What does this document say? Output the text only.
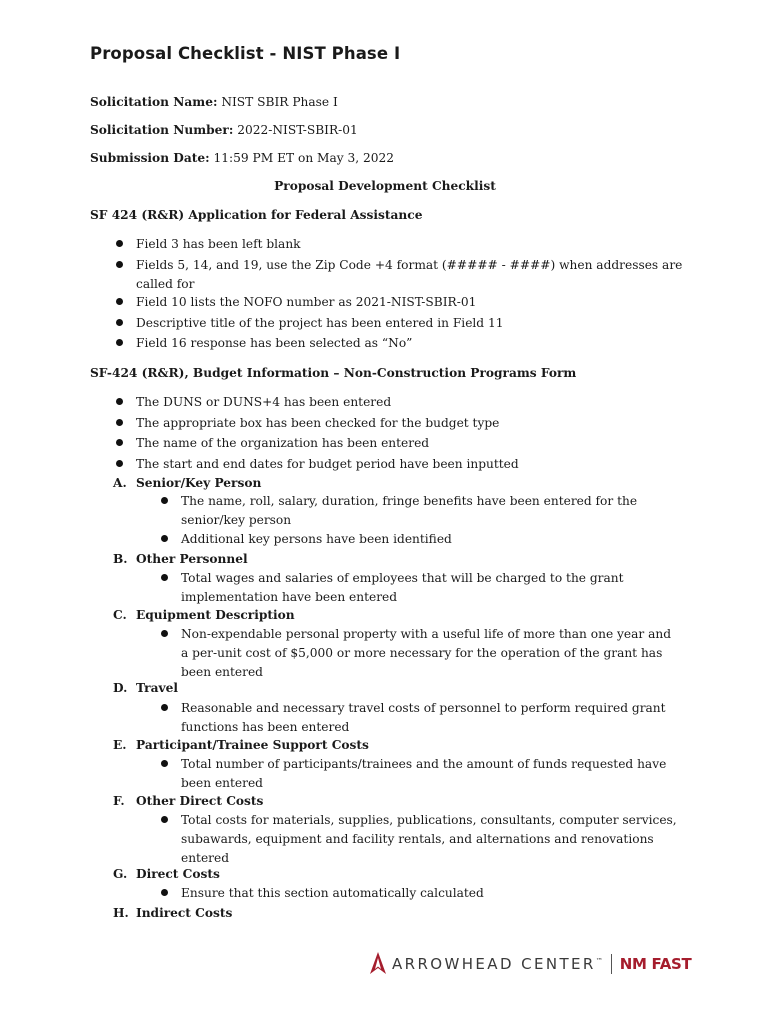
Proposal Checklist - NIST Phase I
Solicitation Name: NIST SBIR Phase I
Solicitation Number: 2022-NIST-SBIR-01
Submission Date: 11:59 PM ET on May 3, 2022
Proposal Development Checklist
SF 424 (R&R) Application for Federal Assistance
Field 3 has been left blank
Fields 5, 14, and 19, use the Zip Code +4 format (##### - ####) when addresses are called for
Field 10 lists the NOFO number as 2021-NIST-SBIR-01
Descriptive title of the project has been entered in Field 11
Field 16 response has been selected as “No”
SF-424 (R&R), Budget Information – Non-Construction Programs Form
The DUNS or DUNS+4 has been entered
The appropriate box has been checked for the budget type
The name of the organization has been entered
The start and end dates for budget period have been inputted
A. Senior/Key Person
The name, roll, salary, duration, fringe benefits have been entered for the senior/key person
Additional key persons have been identified
B. Other Personnel
Total wages and salaries of employees that will be charged to the grant implementation have been entered
C. Equipment Description
Non-expendable personal property with a useful life of more than one year and a per-unit cost of $5,000 or more necessary for the operation of the grant has been entered
D. Travel
Reasonable and necessary travel costs of personnel to perform required grant functions has been entered
E. Participant/Trainee Support Costs
Total number of participants/trainees and the amount of funds requested have been entered
F. Other Direct Costs
Total costs for materials, supplies, publications, consultants, computer services, subawards, equipment and facility rentals, and alternations and renovations entered
G. Direct Costs
Ensure that this section automatically calculated
H. Indirect Costs
ARROWHEAD CENTER™ NM FAST
